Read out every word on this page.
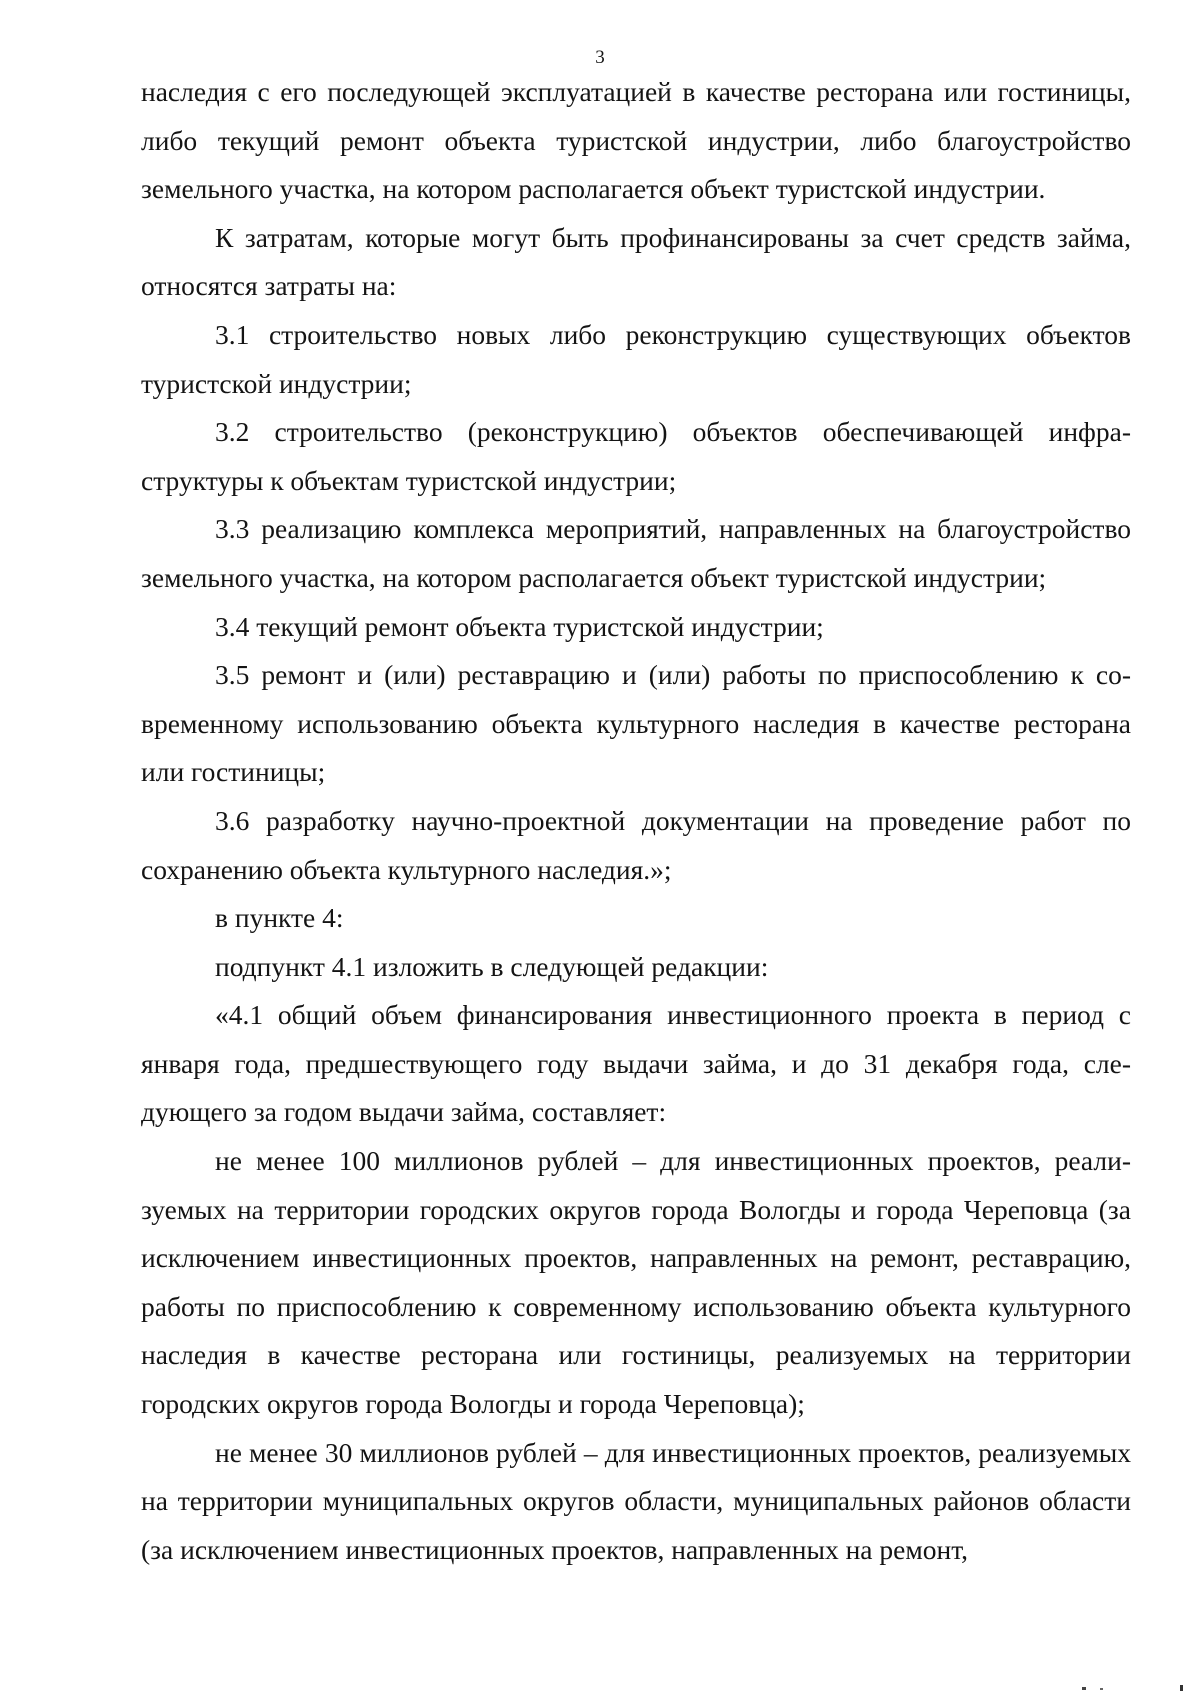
3

наследия с его последующей эксплуатацией в качестве ресторана или гостиницы, либо текущий ремонт объекта туристской индустрии, либо благоустройство земельного участка, на котором располагается объект туристской индустрии.

К затратам, которые могут быть профинансированы за счет средств займа, относятся затраты на:

3.1 строительство новых либо реконструкцию существующих объектов туристской индустрии;

3.2 строительство (реконструкцию) объектов обеспечивающей инфраструктуры к объектам туристской индустрии;

3.3 реализацию комплекса мероприятий, направленных на благоустройство земельного участка, на котором располагается объект туристской индустрии;

3.4 текущий ремонт объекта туристской индустрии;

3.5 ремонт и (или) реставрацию и (или) работы по приспособлению к современному использованию объекта культурного наследия в качестве ресторана или гостиницы;

3.6 разработку научно-проектной документации на проведение работ по сохранению объекта культурного наследия.»;

в пункте 4:

подпункт 4.1 изложить в следующей редакции:

«4.1 общий объем финансирования инвестиционного проекта в период с января года, предшествующего году выдачи займа, и до 31 декабря года, следующего за годом выдачи займа, составляет:

не менее 100 миллионов рублей – для инвестиционных проектов, реализуемых на территории городских округов города Вологды и города Череповца (за исключением инвестиционных проектов, направленных на ремонт, реставрацию, работы по приспособлению к современному использованию объекта культурного наследия в качестве ресторана или гостиницы, реализуемых на территории городских округов города Вологды и города Череповца);

не менее 30 миллионов рублей – для инвестиционных проектов, реализуемых на территории муниципальных округов области, муниципальных районов области (за исключением инвестиционных проектов, направленных на ремонт,
